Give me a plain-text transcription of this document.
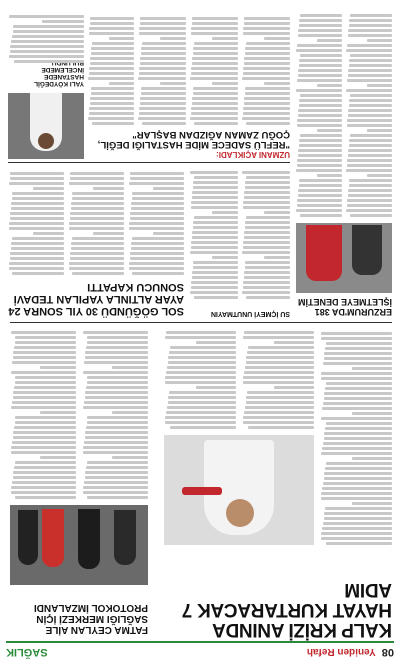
08
Yeniden Refah
SAĞLIK
KALP KRİZİ ANINDA HAYAT KURTARACAK 7 ADIM
FATMA CEYLAN AİLE SAĞLIĞI MERKEZİ İÇİN PROTOKOL İMZALANDI
ERZURUM'DA 381 İŞLETMEYE DENETİM
SU İÇMEYİ UNUTMAYIN
SOL GÖĞÜNDÜ 30 YIL SONRA 24 AYAR ALTINLA YAPILAN TEDAVİ SONUCU KAPATTI
UZMANI AÇIKLADI:
"REFLÜ SADECE MİDE HASTALIĞI DEĞİL, ÇOĞU ZAMAN AĞIZDAN BAŞLAR"
YALI KÖYDEĞİL HASTANEDE İNCELEMEDE
